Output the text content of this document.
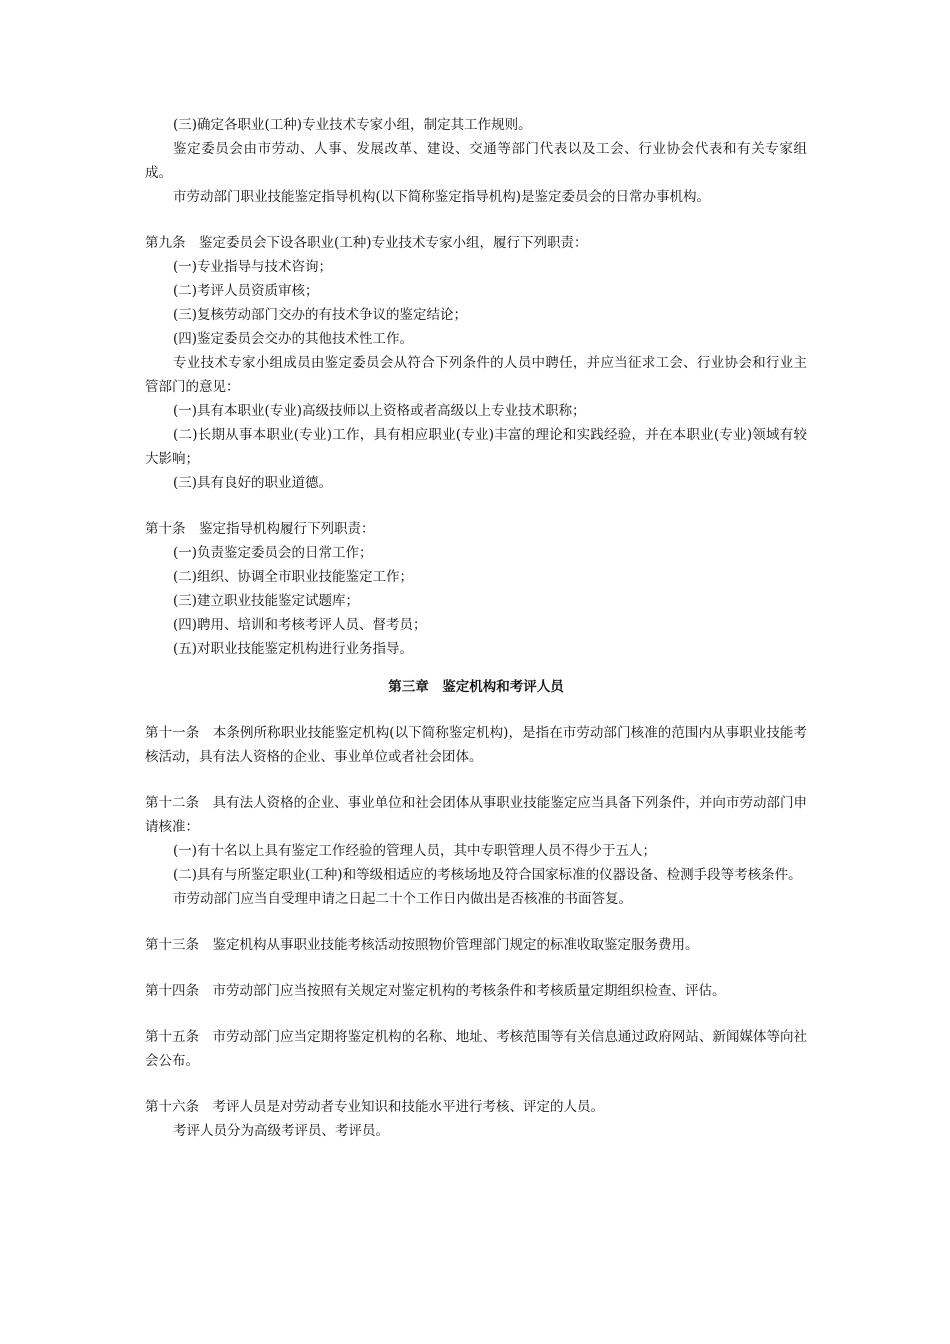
(三)确定各职业(工种)专业技术专家小组，制定其工作规则。

鉴定委员会由市劳动、人事、发展改革、建设、交通等部门代表以及工会、行业协会代表和有关专家组成。

市劳动部门职业技能鉴定指导机构(以下简称鉴定指导机构)是鉴定委员会的日常办事机构。

第九条　鉴定委员会下设各职业(工种)专业技术专家小组，履行下列职责：

(一)专业指导与技术咨询；

(二)考评人员资质审核；

(三)复核劳动部门交办的有技术争议的鉴定结论；

(四)鉴定委员会交办的其他技术性工作。

专业技术专家小组成员由鉴定委员会从符合下列条件的人员中聘任，并应当征求工会、行业协会和行业主管部门的意见：

(一)具有本职业(专业)高级技师以上资格或者高级以上专业技术职称；

(二)长期从事本职业(专业)工作，具有相应职业(专业)丰富的理论和实践经验，并在本职业(专业)领域有较大影响；

(三)具有良好的职业道德。

第十条　鉴定指导机构履行下列职责：

(一)负责鉴定委员会的日常工作；

(二)组织、协调全市职业技能鉴定工作；

(三)建立职业技能鉴定试题库；

(四)聘用、培训和考核考评人员、督考员；

(五)对职业技能鉴定机构进行业务指导。

第三章　鉴定机构和考评人员

第十一条　本条例所称职业技能鉴定机构(以下简称鉴定机构)，是指在市劳动部门核准的范围内从事职业技能考核活动，具有法人资格的企业、事业单位或者社会团体。

第十二条　具有法人资格的企业、事业单位和社会团体从事职业技能鉴定应当具备下列条件，并向市劳动部门申请核准：

(一)有十名以上具有鉴定工作经验的管理人员，其中专职管理人员不得少于五人；

(二)具有与所鉴定职业(工种)和等级相适应的考核场地及符合国家标准的仪器设备、检测手段等考核条件。

市劳动部门应当自受理申请之日起二十个工作日内做出是否核准的书面答复。

第十三条　鉴定机构从事职业技能考核活动按照物价管理部门规定的标准收取鉴定服务费用。

第十四条　市劳动部门应当按照有关规定对鉴定机构的考核条件和考核质量定期组织检查、评估。

第十五条　市劳动部门应当定期将鉴定机构的名称、地址、考核范围等有关信息通过政府网站、新闻媒体等向社会公布。

第十六条　考评人员是对劳动者专业知识和技能水平进行考核、评定的人员。

考评人员分为高级考评员、考评员。
